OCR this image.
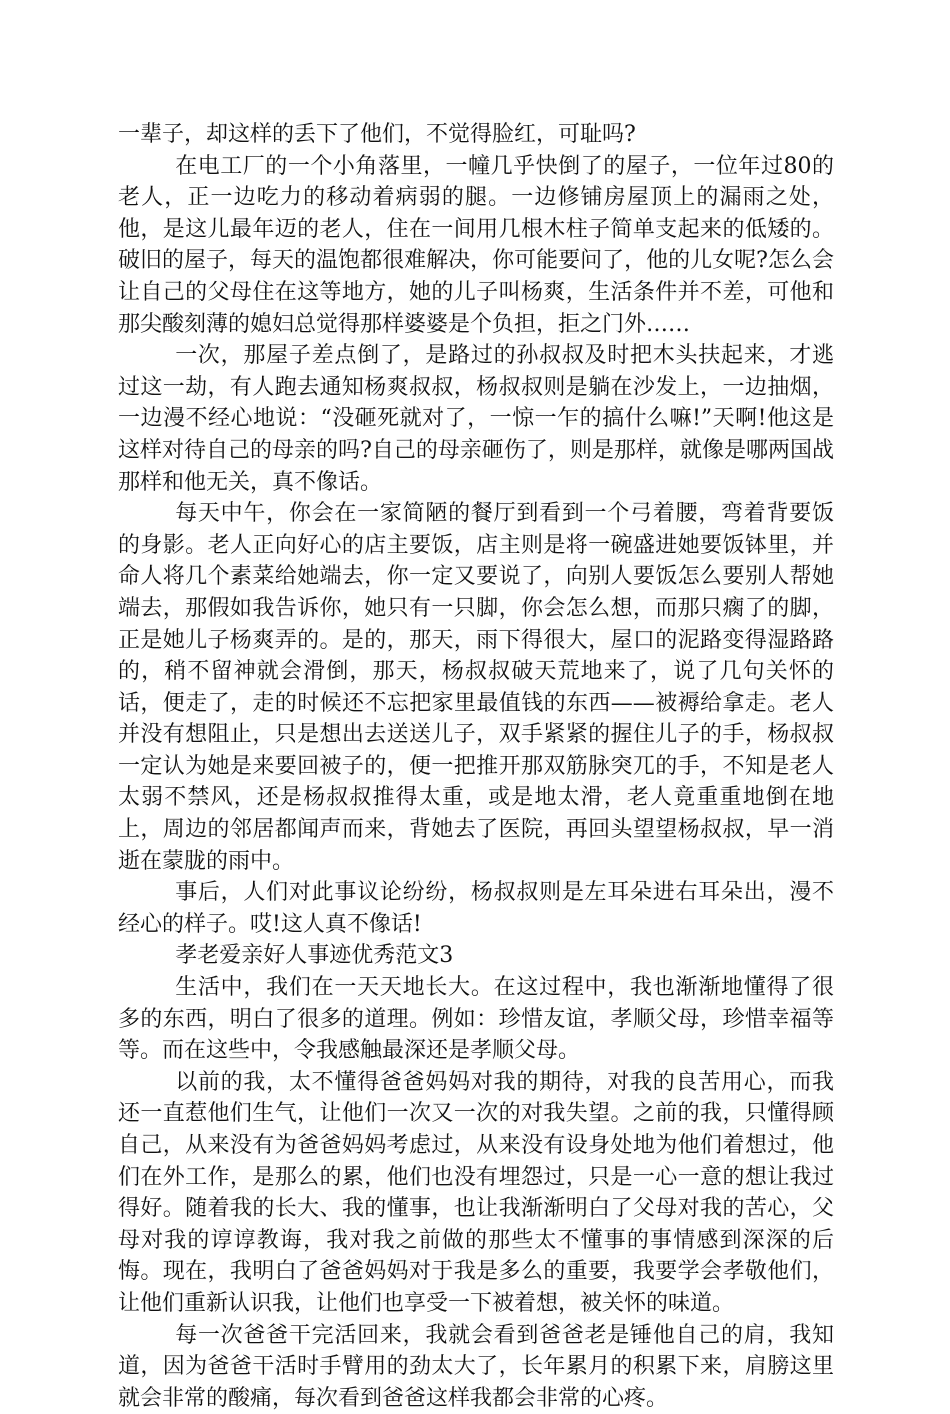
一辈子，却这样的丢下了他们，不觉得脸红，可耻吗?

在电工厂的一个小角落里，一幢几乎快倒了的屋子，一位年过80的老人，正一边吃力的移动着病弱的腿。一边修铺房屋顶上的漏雨之处，他，是这儿最年迈的老人，住在一间用几根木柱子简单支起来的低矮的。破旧的屋子，每天的温饱都很难解决，你可能要问了，他的儿女呢?怎么会让自己的父母住在这等地方，她的儿子叫杨爽，生活条件并不差，可他和那尖酸刻薄的媳妇总觉得那样婆婆是个负担，拒之门外……

一次，那屋子差点倒了，是路过的孙叔叔及时把木头扶起来，才逃过这一劫，有人跑去通知杨爽叔叔，杨叔叔则是躺在沙发上，一边抽烟，一边漫不经心地说：“没砸死就对了，一惊一乍的搞什么嘛!”天啊!他这是这样对待自己的母亲的吗?自己的母亲砸伤了，则是那样，就像是哪两国战那样和他无关，真不像话。

每天中午，你会在一家简陋的餐厅到看到一个弓着腰，弯着背要饭的身影。老人正向好心的店主要饭，店主则是将一碗盛进她要饭钵里，并命人将几个素菜给她端去，你一定又要说了，向别人要饭怎么要别人帮她端去，那假如我告诉你，她只有一只脚，你会怎么想，而那只瘸了的脚，正是她儿子杨爽弄的。是的，那天，雨下得很大，屋口的泥路变得湿路路的，稍不留神就会滑倒，那天，杨叔叔破天荒地来了，说了几句关怀的话，便走了，走的时候还不忘把家里最值钱的东西——被褥给拿走。老人并没有想阻止，只是想出去送送儿子，双手紧紧的握住儿子的手，杨叔叔一定认为她是来要回被子的，便一把推开那双筋脉突兀的手，不知是老人太弱不禁风，还是杨叔叔推得太重，或是地太滑，老人竟重重地倒在地上，周边的邻居都闻声而来，背她去了医院，再回头望望杨叔叔，早一消逝在蒙胧的雨中。

事后，人们对此事议论纷纷，杨叔叔则是左耳朵进右耳朵出，漫不经心的样子。哎!这人真不像话!

孝老爱亲好人事迹优秀范文3

生活中，我们在一天天地长大。在这过程中，我也渐渐地懂得了很多的东西，明白了很多的道理。例如：珍惜友谊，孝顺父母，珍惜幸福等等。而在这些中，令我感触最深还是孝顺父母。

以前的我，太不懂得爸爸妈妈对我的期待，对我的良苦用心，而我还一直惹他们生气，让他们一次又一次的对我失望。之前的我，只懂得顾自己，从来没有为爸爸妈妈考虑过，从来没有设身处地为他们着想过，他们在外工作，是那么的累，他们也没有埋怨过，只是一心一意的想让我过得好。随着我的长大、我的懂事，也让我渐渐明白了父母对我的苦心，父母对我的谆谆教诲，我对我之前做的那些太不懂事的事情感到深深的后悔。现在，我明白了爸爸妈妈对于我是多么的重要，我要学会孝敬他们，让他们重新认识我，让他们也享受一下被着想，被关怀的味道。

每一次爸爸干完活回来，我就会看到爸爸老是锤他自己的肩，我知道，因为爸爸干活时手臂用的劲太大了，长年累月的积累下来，肩膀这里就会非常的酸痛，每次看到爸爸这样我都会非常的心疼。
